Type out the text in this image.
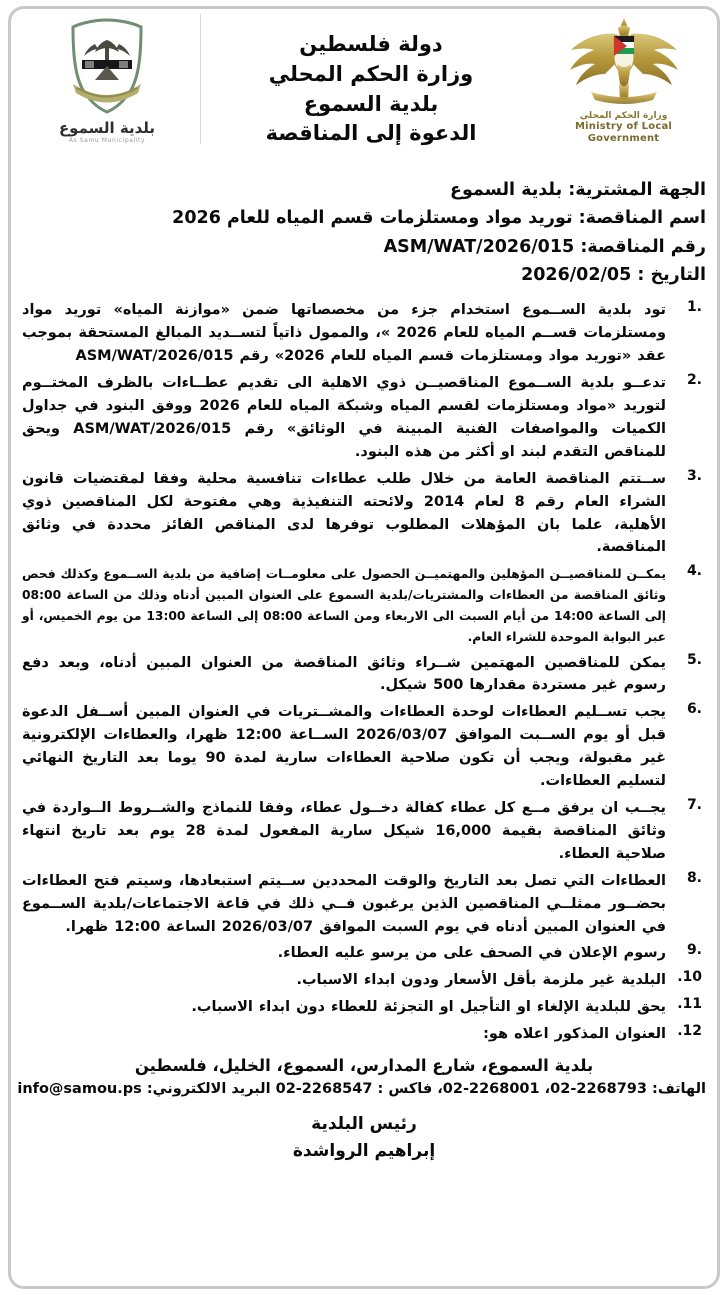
وزارة الحكم المحلي
Ministry of Local
Government
دولة فلسطين
وزارة الحكم المحلي
بلدية السموع
الدعوة إلى المناقصة
بلدية السموع
As Samu Municipality
الجهة المشترية: بلدية السموع
اسم المناقصة: توريد مواد ومستلزمات قسم المياه للعام 2026
رقم المناقصة: ASM/WAT/2026/015
التاريخ : 2026/02/05
1.
تود بلدية الســموع استخدام جزء من مخصصاتها ضمن «موازنة المياه» توريد مواد ومستلزمات قســم المياه للعام 2026 »، والممول ذاتياً لتســديد المبالغ المستحقة بموجب عقد «توريد مواد ومستلزمات قسم المياه للعام 2026» رقم ASM/WAT/2026/015
2.
تدعــو بلدية الســموع المناقصيــن ذوي الاهلية الى تقديم عطــاءات بالظرف المختــوم لتوريد «مواد ومستلزمات لقسم المياه وشبكة المياه للعام 2026 ووفق البنود في جداول الكميات والمواصفات الفنية المبينة في الوثائق» رقم ASM/WAT/2026/015 ويحق للمناقص التقدم لبند او أكثر من هذه البنود.
3.
ســتتم المناقصة العامة من خلال طلب عطاءات تنافسية محلية وفقا لمقتضيات قانون الشراء العام رقم 8 لعام 2014 ولائحته التنفيذية وهي مفتوحة لكل المناقصين ذوي الأهلية، علما بان المؤهلات المطلوب توفرها لدى المناقص الفائز محددة في وثائق المناقصة.
4.
يمكــن للمناقصيــن المؤهلين والمهتميــن الحصول على معلومــات إضافية من بلدية الســموع وكذلك فحص وثائق المناقصة من العطاءات والمشتريات/بلدية السموع على العنوان المبين أدناه وذلك من الساعة 08:00 إلى الساعة 14:00 من أيام السبت الى الاربعاء ومن الساعة 08:00 إلى الساعة 13:00 من يوم الخميس، أو عبر البوابة الموحدة للشراء العام.
5.
يمكن للمناقصين المهتمين شــراء وثائق المناقصة من العنوان المبين أدناه، وبعد دفع رسوم غير مستردة مقدارها 500 شيكل.
6.
يجب تســليم العطاءات لوحدة العطاءات والمشــتريات في العنوان المبين أســفل الدعوة قبل أو يوم الســبت الموافق 2026/03/07 الســاعة 12:00 ظهرا، والعطاءات الإلكترونية غير مقبولة، ويجب أن تكون صلاحية العطاءات سارية لمدة 90 يوما بعد التاريخ النهائي لتسليم العطاءات.
7.
يجــب ان يرفق مــع كل عطاء كفالة دخــول عطاء، وفقا للنماذج والشــروط الــواردة في وثائق المناقصة بقيمة 16,000 شيكل سارية المفعول لمدة 28 يوم بعد تاريخ انتهاء صلاحية العطاء.
8.
العطاءات التي تصل بعد التاريخ والوقت المحددين ســيتم استبعادها، وسيتم فتح العطاءات بحضــور ممثلــي المناقصين الذين يرغبون فــي ذلك في قاعة الاجتماعات/بلدية الســموع في العنوان المبين أدناه في يوم السبت الموافق 2026/03/07 الساعة 12:00 ظهرا.
9.
رسوم الإعلان في الصحف على من يرسو عليه العطاء.
.10
البلدية غير ملزمة بأقل الأسعار ودون ابداء الاسباب.
.11
يحق للبلدية الإلغاء او التأجيل او التجزئة للعطاء دون ابداء الاسباب.
.12
العنوان المذكور اعلاه هو:
بلدية السموع، شارع المدارس، السموع، الخليل، فلسطين
الهاتف: 02-2268001 ،02-2268793، فاكس : 02-2268547 البريد الالكتروني: info@samou.ps
رئيس البلدية
إبراهيم الرواشدة
